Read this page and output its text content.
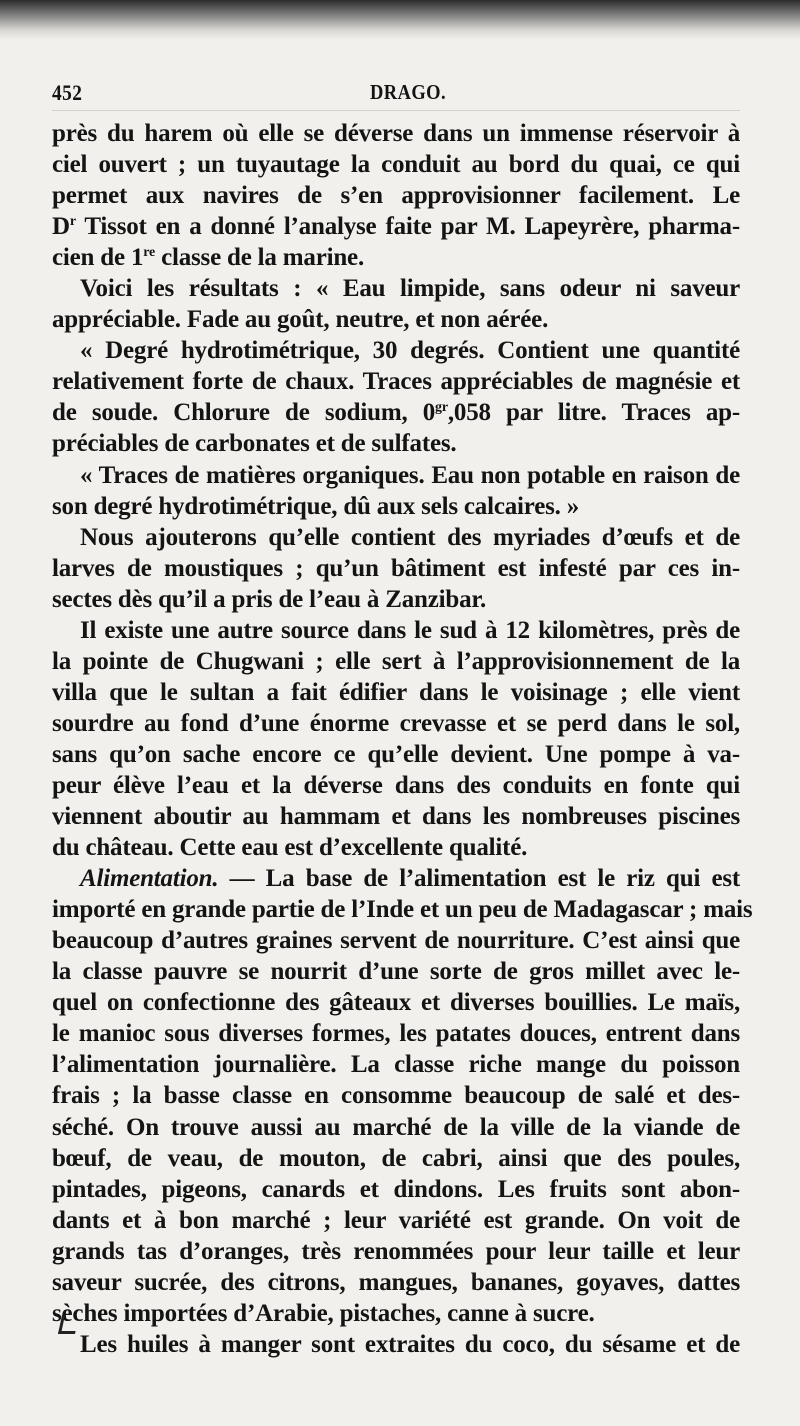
452	DRAGO.
près du harem où elle se déverse dans un immense réservoir à
ciel ouvert ; un tuyautage la conduit au bord du quai, ce qui
permet aux navires de s’en approvisionner facilement. Le
$D^r$ Tissot en a donné l’analyse faite par M. Lapeyrère, pharma-
cien de 1re classe de la marine.
Voici les résultats : « Eau limpide, sans odeur ni saveur
appréciable. Fade au goût, neutre, et non aérée.
« Degré hydrotimétrique, 30 degrés. Contient une quantité
relativement forte de chaux. Traces appréciables de magnésie et
de soude. Chlorure de sodium, $0^{gr},058$ par litre. Traces ap-
préciables de carbonates et de sulfates.
« Traces de matières organiques. Eau non potable en raison de
son degré hydrotimétrique, dû aux sels calcaires. »
Nous ajouterons qu’elle contient des myriades d’œufs et de
larves de moustiques ; qu’un bâtiment est infesté par ces in-
sectes dès qu’il a pris de l’eau à Zanzibar.
Il existe une autre source dans le sud à 12 kilomètres, près de
la pointe de Chugwani ; elle sert à l’approvisionnement de la
villa que le sultan a fait édifier dans le voisinage ; elle vient
sourdre au fond d’une énorme crevasse et se perd dans le sol,
sans qu’on sache encore ce qu’elle devient. Une pompe à va-
peur élève l’eau et la déverse dans des conduits en fonte qui
viennent aboutir au hammam et dans les nombreuses piscines
du château. Cette eau est d’excellente qualité.
Alimentation. — La base de l’alimentation est le riz qui est
importé en grande partie de l’Inde et un peu de Madagascar ; mais
beaucoup d’autres graines servent de nourriture. C’est ainsi que
la classe pauvre se nourrit d’une sorte de gros millet avec le-
quel on confectionne des gâteaux et diverses bouillies. Le maïs,
le manioc sous diverses formes, les patates douces, entrent dans
l’alimentation journalière. La classe riche mange du poisson
frais ; la basse classe en consomme beaucoup de salé et des-
séché. On trouve aussi au marché de la ville de la viande de
bœuf, de veau, de mouton, de cabri, ainsi que des poules,
pintades, pigeons, canards et dindons. Les fruits sont abon-
dants et à bon marché ; leur variété est grande. On voit de
grands tas d’oranges, très renommées pour leur taille et leur
saveur sucrée, des citrons, mangues, bananes, goyaves, dattes
sèches importées d’Arabie, pistaches, canne à sucre.
Les huiles à manger sont extraites du coco, du sésame et de
